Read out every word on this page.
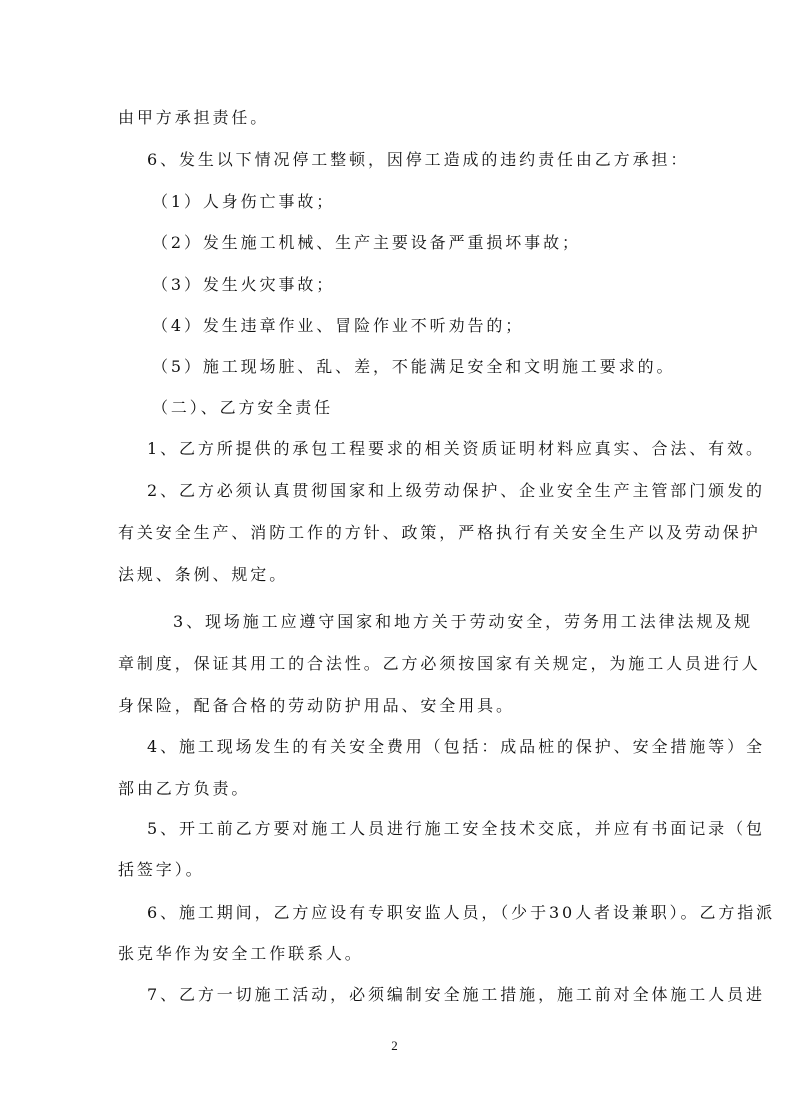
由甲方承担责任。
6、发生以下情况停工整顿，因停工造成的违约责任由乙方承担：
（1）人身伤亡事故；
（2）发生施工机械、生产主要设备严重损坏事故；
（3）发生火灾事故；
（4）发生违章作业、冒险作业不听劝告的；
（5）施工现场脏、乱、差，不能满足安全和文明施工要求的。
（二）、乙方安全责任
1、乙方所提供的承包工程要求的相关资质证明材料应真实、合法、有效。
2、乙方必须认真贯彻国家和上级劳动保护、企业安全生产主管部门颁发的
有关安全生产、消防工作的方针、政策，严格执行有关安全生产以及劳动保护
法规、条例、规定。
3、现场施工应遵守国家和地方关于劳动安全，劳务用工法律法规及规
章制度，保证其用工的合法性。乙方必须按国家有关规定，为施工人员进行人
身保险，配备合格的劳动防护用品、安全用具。
4、施工现场发生的有关安全费用（包括：成品桩的保护、安全措施等）全
部由乙方负责。
5、开工前乙方要对施工人员进行施工安全技术交底，并应有书面记录（包
括签字）。
6、施工期间，乙方应设有专职安监人员，（少于30人者设兼职）。乙方指派
张克华作为安全工作联系人。
7、乙方一切施工活动，必须编制安全施工措施，施工前对全体施工人员进
2
